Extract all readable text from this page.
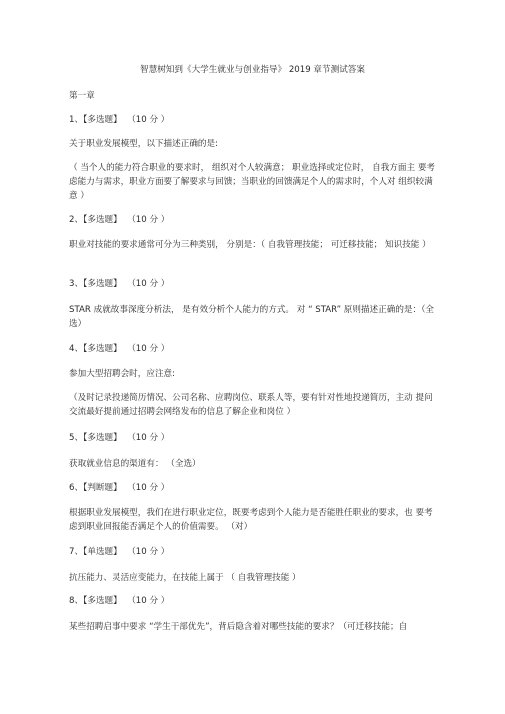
智慧树知到《大学生就业与创业指导》 2019 章节测试答案
第一章
1、【多选题】  （10 分 ）
关于职业发展模型，以下描述正确的是:
（ 当个人的能力符合职业的要求时， 组织对个人较满意； 职业选择或定位时， 自我方面主 要考虑能力与需求，职业方面要了解要求与回馈；当职业的回馈满足个人的需求时，个人对 组织较满意 ）
2、【多选题】  （10 分 ）
职业对技能的要求通常可分为三种类别， 分别是：（ 自我管理技能； 可迁移技能； 知识技能 ）
3、【多选题】  （10 分 ）
STAR 成就故事深度分析法， 是有效分析个人能力的方式。 对 “ STAR” 原则描述正确的是：（全 选）
4、【多选题】  （10 分 ）
参加大型招聘会时，应注意:
（及时记录投递简历情况、公司名称、应聘岗位、联系人等，要有针对性地投递简历，主动 提问交流最好提前通过招聘会网络发布的信息了解企业和岗位 ）
5、【多选题】  （10 分 ）
获取就业信息的渠道有： （全选）
6、【判断题】  （10 分 ）
根据职业发展模型，我们在进行职业定位，既要考虑到个人能力是否能胜任职业的要求，也 要考虑到职业回报能否满足个人的价值需要。 （对）
7、【单选题】  （10 分 ）
抗压能力、灵活应变能力，在技能上属于 （ 自我管理技能 ）
8、【多选题】  （10 分 ）
某些招聘启事中要求 “学生干部优先”，背后隐含着对哪些技能的要求？（可迁移技能；自
